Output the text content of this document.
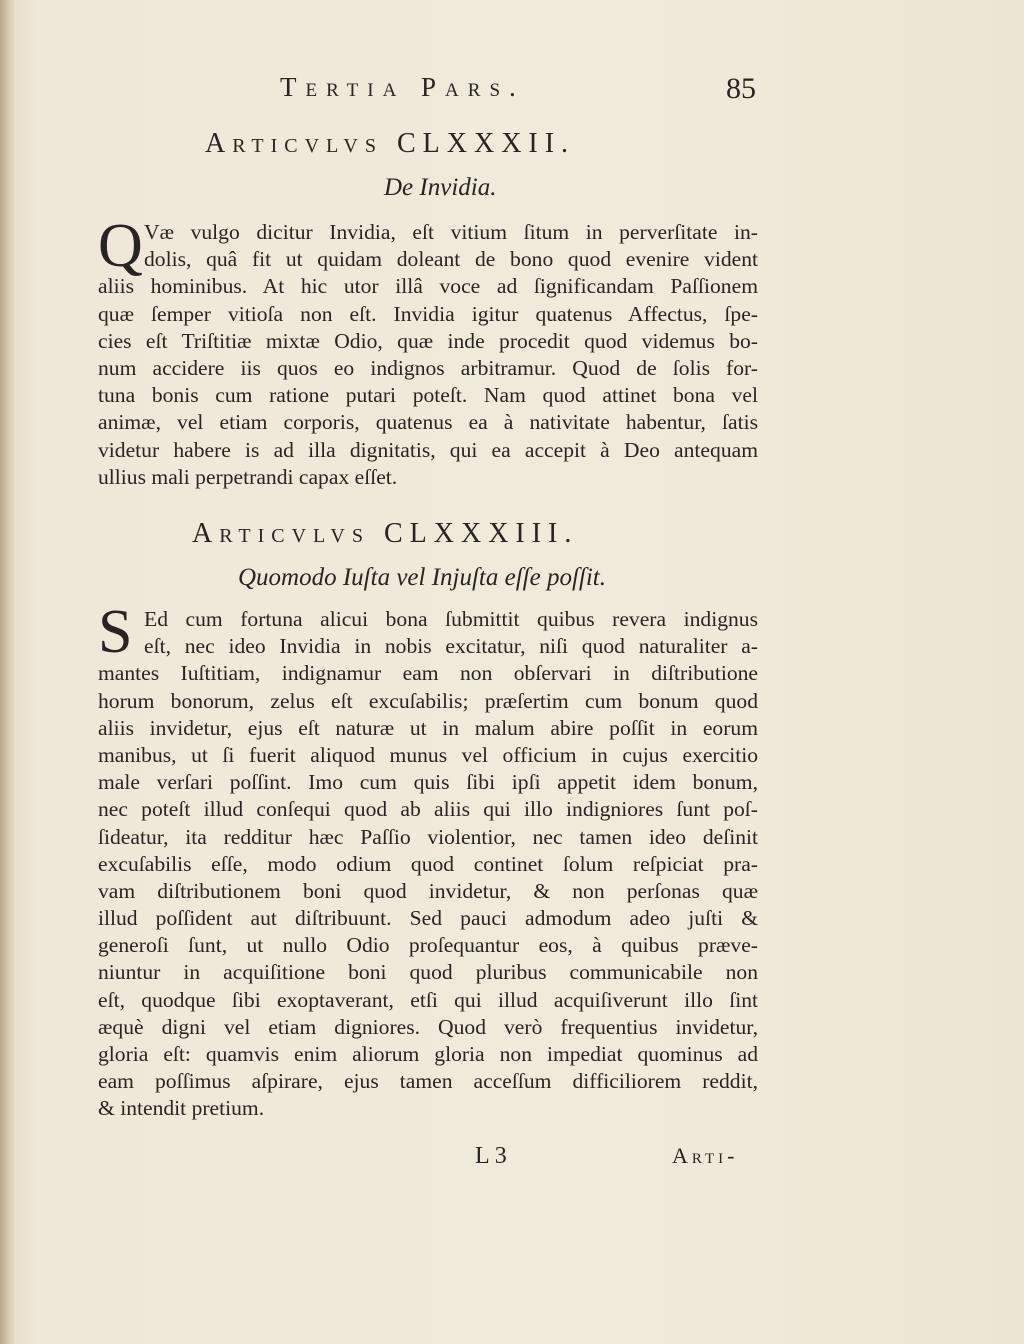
Tertia Pars.	85
Articvlvs CLXXXII.
De Invidia.
Q Væ vulgo dicitur Invidia, eſt vitium ſitum in perverſitate in-
dolis, quâ fit ut quidam doleant de bono quod evenire vident
aliis hominibus. At hic utor illâ voce ad ſignificandam Paſſionem
quæ ſemper vitioſa non eſt. Invidia igitur quatenus Affectus, ſpe-
cies eſt Triſtitiæ mixtæ Odio, quæ inde procedit quod videmus bo-
num accidere iis quos eo indignos arbitramur. Quod de ſolis for-
tuna bonis cum ratione putari poteſt. Nam quod attinet bona vel
animæ, vel etiam corporis, quatenus ea à nativitate habentur, ſatis
videtur habere is ad illa dignitatis, qui ea accepit à Deo antequam
ullius mali perpetrandi capax eſſet.
Articvlvs CLXXXIII.
Quomodo Iuſta vel Injuſta eſſe poſſit.
S Ed cum fortuna alicui bona ſubmittit quibus revera indignus
eſt, nec ideo Invidia in nobis excitatur, niſi quod naturaliter a-
mantes Iuſtitiam, indignamur eam non obſervari in diſtributione
horum bonorum, zelus eſt excuſabilis; præſertim cum bonum quod
aliis invidetur, ejus eſt naturæ ut in malum abire poſſit in eorum
manibus, ut ſi fuerit aliquod munus vel officium in cujus exercitio
male verſari poſſint. Imo cum quis ſibi ipſi appetit idem bonum,
nec poteſt illud conſequi quod ab aliis qui illo indigniores ſunt poſ-
ſideatur, ita redditur hæc Paſſio violentior, nec tamen ideo deſinit
excuſabilis eſſe, modo odium quod continet ſolum reſpiciat pra-
vam diſtributionem boni quod invidetur, & non perſonas quæ
illud poſſident aut diſtribuunt. Sed pauci admodum adeo juſti &
generoſi ſunt, ut nullo Odio proſequantur eos, à quibus præve-
niuntur in acquiſitione boni quod pluribus communicabile non
eſt, quodque ſibi exoptaverant, etſi qui illud acquiſiverunt illo ſint
æquè digni vel etiam digniores. Quod verò frequentius invidetur,
gloria eſt: quamvis enim aliorum gloria non impediat quominus ad
eam poſſimus aſpirare, ejus tamen acceſſum difficiliorem reddit,
& intendit pretium.
L 3	Arti-
